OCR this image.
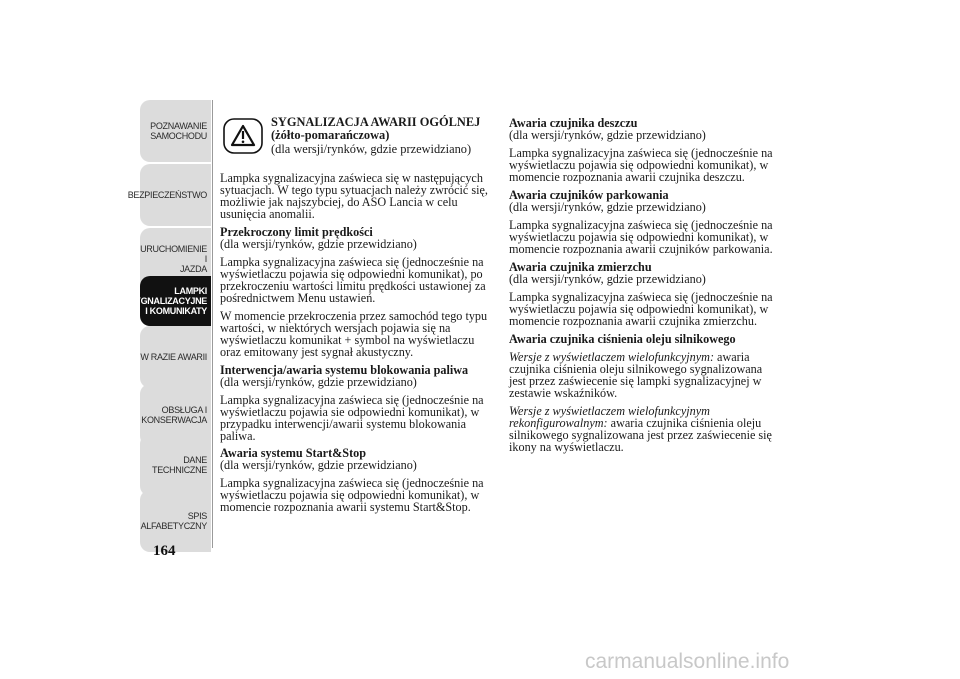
POZNAWANIE
SAMOCHODU
BEZPIECZEŃSTWO
URUCHOMIENIE I
JAZDA
LAMPKI
SYGNALIZACYJNE
I KOMUNIKATY
W RAZIE AWARII
OBSŁUGA I
KONSERWACJA
DANE
TECHNICZNE
SPIS
ALFABETYCZNY
164
SYGNALIZACJA AWARII OGÓLNEJ
(żółto-pomarańczowa)
(dla wersji/rynków, gdzie przewidziano)

Lampka sygnalizacyjna zaświeca się w następujących sytuacjach. W tego typu sytuacjach należy zwrócić się, możliwie jak najszybciej, do ASO Lancia w celu usunięcia anomalii.

Przekroczony limit prędkości

(dla wersji/rynków, gdzie przewidziano)

Lampka sygnalizacyjna zaświeca się (jednocześnie na wyświetlaczu pojawia się odpowiedni komunikat), po przekroczeniu wartości limitu prędkości ustawionej za pośrednictwem Menu ustawień.

W momencie przekroczenia przez samochód tego typu wartości, w niektórych wersjach pojawia się na wyświetlaczu komunikat + symbol na wyświetlaczu oraz emitowany jest sygnał akustyczny.

Interwencja/awaria systemu blokowania paliwa

(dla wersji/rynków, gdzie przewidziano)

Lampka sygnalizacyjna zaświeca się (jednocześnie na wyświetlaczu pojawia sie odpowiedni komunikat), w przypadku interwencji/awarii systemu blokowania paliwa.

Awaria systemu Start&Stop

(dla wersji/rynków, gdzie przewidziano)

Lampka sygnalizacyjna zaświeca się (jednocześnie na wyświetlaczu pojawia się odpowiedni komunikat), w momencie rozpoznania awarii systemu Start&Stop.

Awaria czujnika deszczu

(dla wersji/rynków, gdzie przewidziano)

Lampka sygnalizacyjna zaświeca się (jednocześnie na wyświetlaczu pojawia się odpowiedni komunikat), w momencie rozpoznania awarii czujnika deszczu.

Awaria czujników parkowania

(dla wersji/rynków, gdzie przewidziano)

Lampka sygnalizacyjna zaświeca się (jednocześnie na wyświetlaczu pojawia się odpowiedni komunikat), w momencie rozpoznania awarii czujników parkowania.

Awaria czujnika zmierzchu

(dla wersji/rynków, gdzie przewidziano)

Lampka sygnalizacyjna zaświeca się (jednocześnie na wyświetlaczu pojawia się odpowiedni komunikat), w momencie rozpoznania awarii czujnika zmierzchu.

Awaria czujnika ciśnienia oleju silnikowego

Wersje z wyświetlaczem wielofunkcyjnym: awaria czujnika ciśnienia oleju silnikowego sygnalizowana jest przez zaświecenie się lampki sygnalizacyjnej w zestawie wskaźników.

Wersje z wyświetlaczem wielofunkcyjnym rekonfigurowalnym: awaria czujnika ciśnienia oleju silnikowego sygnalizowana jest przez zaświecenie się ikony na wyświetlaczu.

carmanualsonline.info
